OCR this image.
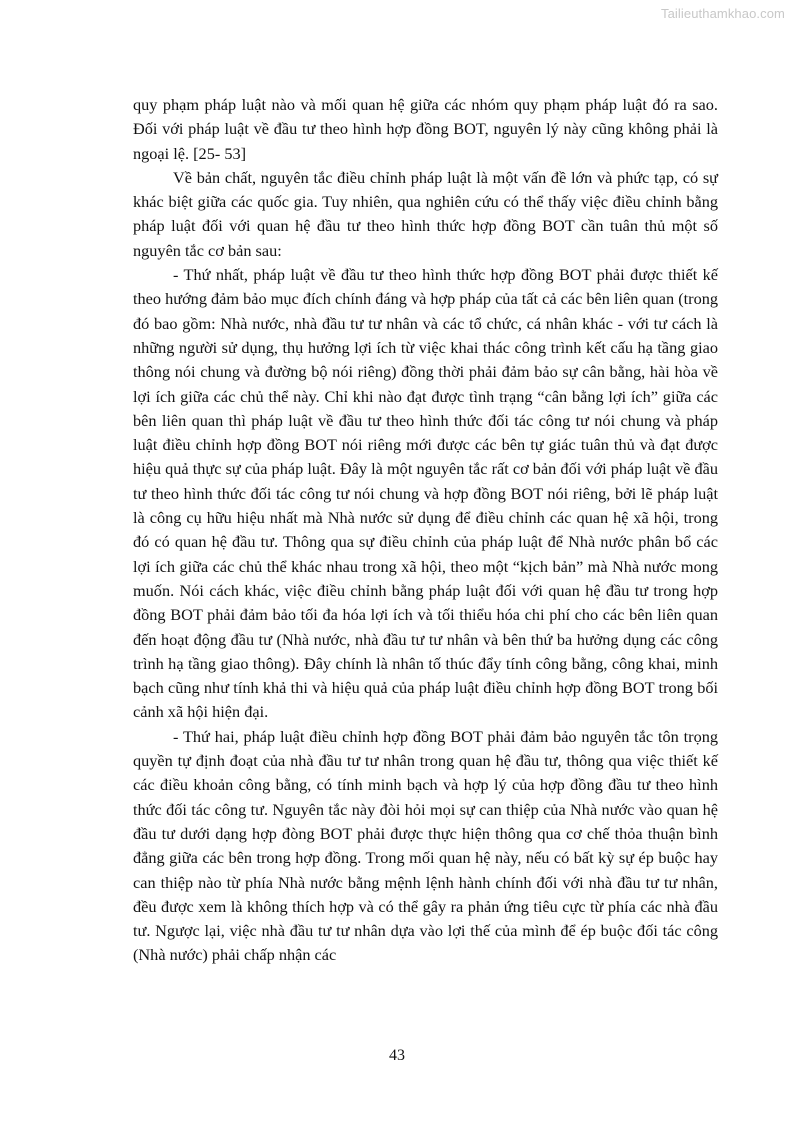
Tailieuthamkhao.com

quy phạm pháp luật nào và mối quan hệ giữa các nhóm quy phạm pháp luật đó ra sao. Đối với pháp luật về đầu tư theo hình hợp đồng BOT, nguyên lý này cũng không phải là ngoại lệ. [25- 53]

Về bản chất, nguyên tắc điều chỉnh pháp luật là một vấn đề lớn và phức tạp, có sự khác biệt giữa các quốc gia. Tuy nhiên, qua nghiên cứu có thể thấy việc điều chỉnh bằng pháp luật đối với quan hệ đầu tư theo hình thức hợp đồng BOT cần tuân thủ một số nguyên tắc cơ bản sau:

- Thứ nhất, pháp luật về đầu tư theo hình thức hợp đồng BOT phải được thiết kế theo hướng đảm bảo mục đích chính đáng và hợp pháp của tất cả các bên liên quan (trong đó bao gồm: Nhà nước, nhà đầu tư tư nhân và các tổ chức, cá nhân khác - với tư cách là những người sử dụng, thụ hưởng lợi ích từ việc khai thác công trình kết cấu hạ tầng giao thông nói chung và đường bộ nói riêng) đồng thời phải đảm bảo sự cân bằng, hài hòa về lợi ích giữa các chủ thể này. Chỉ khi nào đạt được tình trạng “cân bằng lợi ích” giữa các bên liên quan thì pháp luật về đầu tư theo hình thức đối tác công tư nói chung và pháp luật điều chỉnh hợp đồng BOT nói riêng mới được các bên tự giác tuân thủ và đạt được hiệu quả thực sự của pháp luật. Đây là một nguyên tắc rất cơ bản đối với pháp luật về đầu tư theo hình thức đối tác công tư nói chung và hợp đồng BOT nói riêng, bởi lẽ pháp luật là công cụ hữu hiệu nhất mà Nhà nước sử dụng để điều chỉnh các quan hệ xã hội, trong đó có quan hệ đầu tư. Thông qua sự điều chỉnh của pháp luật để Nhà nước phân bổ các lợi ích giữa các chủ thể khác nhau trong xã hội, theo một “kịch bản” mà Nhà nước mong muốn. Nói cách khác, việc điều chỉnh bằng pháp luật đối với quan hệ đầu tư trong hợp đồng BOT phải đảm bảo tối đa hóa lợi ích và tối thiểu hóa chi phí cho các bên liên quan đến hoạt động đầu tư (Nhà nước, nhà đầu tư tư nhân và bên thứ ba hưởng dụng các công trình hạ tầng giao thông). Đây chính là nhân tố thúc đẩy tính công bằng, công khai, minh bạch cũng như tính khả thi và hiệu quả của pháp luật điều chỉnh hợp đồng BOT trong bối cảnh xã hội hiện đại.

- Thứ hai, pháp luật điều chỉnh hợp đồng BOT phải đảm bảo nguyên tắc tôn trọng quyền tự định đoạt của nhà đầu tư tư nhân trong quan hệ đầu tư, thông qua việc thiết kế các điều khoản công bằng, có tính minh bạch và hợp lý của hợp đồng đầu tư theo hình thức đối tác công tư. Nguyên tắc này đòi hỏi mọi sự can thiệp của Nhà nước vào quan hệ đầu tư dưới dạng hợp đòng BOT phải được thực hiện thông qua cơ chế thỏa thuận bình đẳng giữa các bên trong hợp đồng. Trong mối quan hệ này, nếu có bất kỳ sự ép buộc hay can thiệp nào từ phía Nhà nước bằng mệnh lệnh hành chính đối với nhà đầu tư tư nhân, đều được xem là không thích hợp và có thể gây ra phản ứng tiêu cực từ phía các nhà đầu tư. Ngược lại, việc nhà đầu tư tư nhân dựa vào lợi thế của mình để ép buộc đối tác công (Nhà nước) phải chấp nhận các

43
